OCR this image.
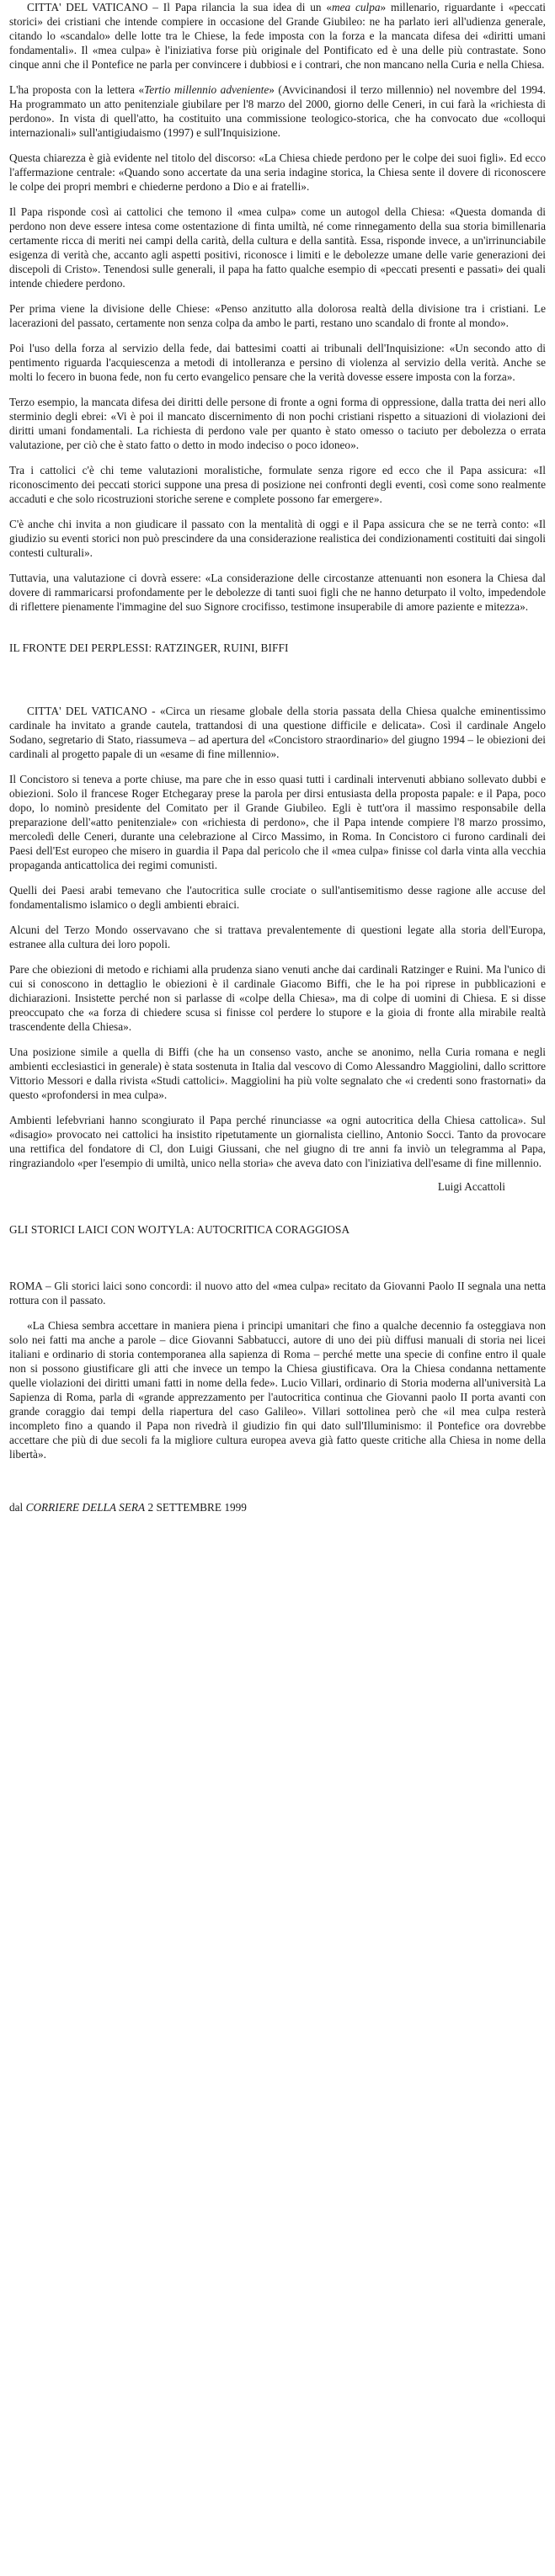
CITTA' DEL VATICANO – Il Papa rilancia la sua idea di un «mea culpa» millenario, riguardante i «peccati storici» dei cristiani che intende compiere in occasione del Grande Giubileo: ne ha parlato ieri all'udienza generale, citando lo «scandalo» delle lotte tra le Chiese, la fede imposta con la forza e la mancata difesa dei «diritti umani fondamentali». Il «mea culpa» è l'iniziativa forse più originale del Pontificato ed è una delle più contrastate. Sono cinque anni che il Pontefice ne parla per convincere i dubbiosi e i contrari, che non mancano nella Curia e nella Chiesa.

L'ha proposta con la lettera «Tertio millennio adveniente» (Avvicinandosi il terzo millennio) nel novembre del 1994. Ha programmato un atto penitenziale giubilare per l'8 marzo del 2000, giorno delle Ceneri, in cui farà la «richiesta di perdono». In vista di quell'atto, ha costituito una commissione teologico-storica, che ha convocato due «colloqui internazionali» sull'antigiudaismo (1997) e sull'Inquisizione.

Questa chiarezza è già evidente nel titolo del discorso: «La Chiesa chiede perdono per le colpe dei suoi figli». Ed ecco l'affermazione centrale: «Quando sono accertate da una seria indagine storica, la Chiesa sente il dovere di riconoscere le colpe dei propri membri e chiederne perdono a Dio e ai fratelli».

Il Papa risponde così ai cattolici che temono il «mea culpa» come un autogol della Chiesa: «Questa domanda di perdono non deve essere intesa come ostentazione di finta umiltà, né come rinnegamento della sua storia bimillenaria certamente ricca di meriti nei campi della carità, della cultura e della santità. Essa, risponde invece, a un'irrinunciabile esigenza di verità che, accanto agli aspetti positivi, riconosce i limiti e le debolezze umane delle varie generazioni dei discepoli di Cristo». Tenendosi sulle generali, il papa ha fatto qualche esempio di «peccati presenti e passati» dei quali intende chiedere perdono.

Per prima viene la divisione delle Chiese: «Penso anzitutto alla dolorosa realtà della divisione tra i cristiani. Le lacerazioni del passato, certamente non senza colpa da ambo le parti, restano uno scandalo di fronte al mondo».

Poi l'uso della forza al servizio della fede, dai battesimi coatti ai tribunali dell'Inquisizione: «Un secondo atto di pentimento riguarda l'acquiescenza a metodi di intolleranza e persino di violenza al servizio della verità. Anche se molti lo fecero in buona fede, non fu certo evangelico pensare che la verità dovesse essere imposta con la forza».

Terzo esempio, la mancata difesa dei diritti delle persone di fronte a ogni forma di oppressione, dalla tratta dei neri allo sterminio degli ebrei: «Vi è poi il mancato discernimento di non pochi cristiani rispetto a situazioni di violazioni dei diritti umani fondamentali. La richiesta di perdono vale per quanto è stato omesso o taciuto per debolezza o errata valutazione, per ciò che è stato fatto o detto in modo indeciso o poco idoneo».

Tra i cattolici c'è chi teme valutazioni moralistiche, formulate senza rigore ed ecco che il Papa assicura: «Il riconoscimento dei peccati storici suppone una presa di posizione nei confronti degli eventi, così come sono realmente accaduti e che solo ricostruzioni storiche serene e complete possono far emergere».

C'è anche chi invita a non giudicare il passato con la mentalità di oggi e il Papa assicura che se ne terrà conto: «Il giudizio su eventi storici non può prescindere da una considerazione realistica dei condizionamenti costituiti dai singoli contesti culturali».

Tuttavia, una valutazione ci dovrà essere: «La considerazione delle circostanze attenuanti non esonera la Chiesa dal dovere di rammaricarsi profondamente per le debolezze di tanti suoi figli che ne hanno deturpato il volto, impedendole di riflettere pienamente l'immagine del suo Signore crocifisso, testimone insuperabile di amore paziente e mitezza».

IL FRONTE DEI PERPLESSI: RATZINGER, RUINI, BIFFI

CITTA' DEL VATICANO - «Circa un riesame globale della storia passata della Chiesa qualche eminentissimo cardinale ha invitato a grande cautela, trattandosi di una questione difficile e delicata». Così il cardinale Angelo Sodano, segretario di Stato, riassumeva – ad apertura del «Concistoro straordinario» del giugno 1994 – le obiezioni dei cardinali al progetto papale di un «esame di fine millennio».

Il Concistoro si teneva a porte chiuse, ma pare che in esso quasi tutti i cardinali intervenuti abbiano sollevato dubbi e obiezioni. Solo il francese Roger Etchegaray prese la parola per dirsi entusiasta della proposta papale: e il Papa, poco dopo, lo nominò presidente del Comitato per il Grande Giubileo. Egli è tutt'ora il massimo responsabile della preparazione dell'«atto penitenziale» con «richiesta di perdono», che il Papa intende compiere l'8 marzo prossimo, mercoledì delle Ceneri, durante una celebrazione al Circo Massimo, in Roma. In Concistoro ci furono cardinali dei Paesi dell'Est europeo che misero in guardia il Papa dal pericolo che il «mea culpa» finisse col darla vinta alla vecchia propaganda anticattolica dei regimi comunisti.

Quelli dei Paesi arabi temevano che l'autocritica sulle crociate o sull'antisemitismo desse ragione alle accuse del fondamentalismo islamico o degli ambienti ebraici.

Alcuni del Terzo Mondo osservavano che si trattava prevalentemente di questioni legate alla storia dell'Europa, estranee alla cultura dei loro popoli.

Pare che obiezioni di metodo e richiami alla prudenza siano venuti anche dai cardinali Ratzinger e Ruini. Ma l'unico di cui si conoscono in dettaglio le obiezioni è il cardinale Giacomo Biffi, che le ha poi riprese in pubblicazioni e dichiarazioni. Insistette perché non si parlasse di «colpe della Chiesa», ma di colpe di uomini di Chiesa. E si disse preoccupato che «a forza di chiedere scusa si finisse col perdere lo stupore e la gioia di fronte alla mirabile realtà trascendente della Chiesa».

Una posizione simile a quella di Biffi (che ha un consenso vasto, anche se anonimo, nella Curia romana e negli ambienti ecclesiastici in generale) è stata sostenuta in Italia dal vescovo di Como Alessandro Maggiolini, dallo scrittore Vittorio Messori e dalla rivista «Studi cattolici». Maggiolini ha più volte segnalato che «i credenti sono frastornati» da questo «profondersi in mea culpa».

Ambienti lefebvriani hanno scongiurato il Papa perché rinunciasse «a ogni autocritica della Chiesa cattolica». Sul «disagio» provocato nei cattolici ha insistito ripetutamente un giornalista ciellino, Antonio Socci. Tanto da provocare una rettifica del fondatore di Cl, don Luigi Giussani, che nel giugno di tre anni fa inviò un telegramma al Papa, ringraziandolo «per l'esempio di umiltà, unico nella storia» che aveva dato con l'iniziativa dell'esame di fine millennio.

Luigi Accattoli
GLI STORICI LAICI CON WOJTYLA: AUTOCRITICA CORAGGIOSA

ROMA – Gli storici laici sono concordi: il nuovo atto del «mea culpa» recitato da Giovanni Paolo II segnala una netta rottura con il passato.

«La Chiesa sembra accettare in maniera piena i principi umanitari che fino a qualche decennio fa osteggiava non solo nei fatti ma anche a parole – dice Giovanni Sabbatucci, autore di uno dei più diffusi manuali di storia nei licei italiani e ordinario di storia contemporanea alla sapienza di Roma – perché mette una specie di confine entro il quale non si possono giustificare gli atti che invece un tempo la Chiesa giustificava. Ora la Chiesa condanna nettamente quelle violazioni dei diritti umani fatti in nome della fede». Lucio Villari, ordinario di Storia moderna all'università La Sapienza di Roma, parla di «grande apprezzamento per l'autocritica continua che Giovanni paolo II porta avanti con grande coraggio dai tempi della riapertura del caso Galileo». Villari sottolinea però che «il mea culpa resterà incompleto fino a quando il Papa non rivedrà il giudizio fin qui dato sull'Illuminismo: il Pontefice ora dovrebbe accettare che più di due secoli fa la migliore cultura europea aveva già fatto queste critiche alla Chiesa in nome della libertà».

dal CORRIERE DELLA SERA 2 SETTEMBRE 1999
